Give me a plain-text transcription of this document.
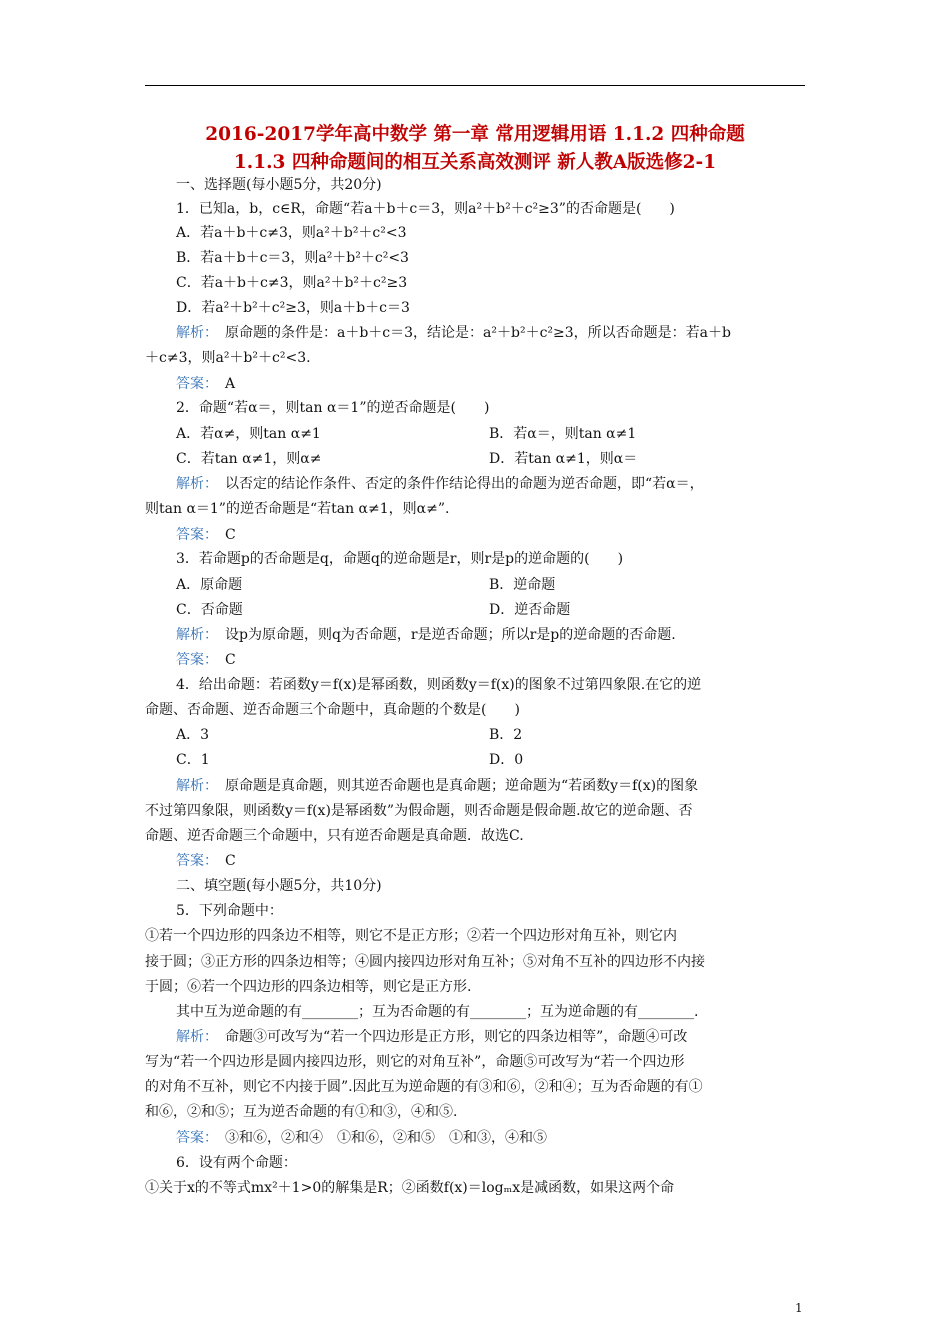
2016-2017学年高中数学 第一章 常用逻辑用语 1.1.2 四种命题
1.1.3 四种命题间的相互关系高效测评 新人教A版选修2-1
一、选择题(每小题5分，共20分)
1．已知a，b，c∈R，命题“若a＋b＋c＝3，则a²＋b²＋c²≥3”的否命题是(　　)
A．若a＋b＋c≠3，则a²＋b²＋c²<3
B．若a＋b＋c＝3，则a²＋b²＋c²<3
C．若a＋b＋c≠3，则a²＋b²＋c²≥3
D．若a²＋b²＋c²≥3，则a＋b＋c＝3
解析：　 原命题的条件是：a＋b＋c＝3，结论是：a²＋b²＋c²≥3，所以否命题是：若a＋b
＋c≠3，则a²＋b²＋c²<3.
答案：　 A
2．命题“若α＝，则tan α＝1”的逆否命题是(　　)
A．若α≠，则tan α≠1	B．若α＝，则tan α≠1
C．若tan α≠1，则α≠	D．若tan α≠1，则α＝
解析：　 以否定的结论作条件、否定的条件作结论得出的命题为逆否命题，即“若α＝，
则tan α＝1”的逆否命题是“若tan α≠1，则α≠”.
答案：　 C
3．若命题p的否命题是q，命题q的逆命题是r，则r是p的逆命题的(　　)
A．原命题	B．逆命题
C．否命题	D．逆否命题
解析：　 设p为原命题，则q为否命题，r是逆否命题；所以r是p的逆命题的否命题.
答案：　 C
4．给出命题：若函数y＝f(x)是幂函数，则函数y＝f(x)的图象不过第四象限.在它的逆
命题、否命题、逆否命题三个命题中，真命题的个数是(　　)
A．3	B．2
C．1	D．0
解析：　 原命题是真命题，则其逆否命题也是真命题；逆命题为“若函数y＝f(x)的图象
不过第四象限，则函数y＝f(x)是幂函数”为假命题，则否命题是假命题.故它的逆命题、否
命题、逆否命题三个命题中，只有逆否命题是真命题．故选C.
答案：　 C
二、填空题(每小题5分，共10分)
5．下列命题中：
①若一个四边形的四条边不相等，则它不是正方形；②若一个四边形对角互补，则它内
接于圆；③正方形的四条边相等；④圆内接四边形对角互补；⑤对角不互补的四边形不内接
于圆；⑥若一个四边形的四条边相等，则它是正方形.
其中互为逆命题的有________；互为否命题的有________；互为逆命题的有________.
解析：　 命题③可改写为“若一个四边形是正方形，则它的四条边相等”，命题④可改
写为“若一个四边形是圆内接四边形，则它的对角互补”，命题⑤可改写为“若一个四边形
的对角不互补，则它不内接于圆”.因此互为逆命题的有③和⑥，②和④；互为否命题的有①
和⑥，②和⑤；互为逆否命题的有①和③，④和⑤.
答案：　 ③和⑥，②和④　①和⑥，②和⑤　①和③，④和⑤
6．设有两个命题：
①关于x的不等式mx²＋1>0的解集是R；②函数f(x)＝logₘx是减函数，如果这两个命
1
